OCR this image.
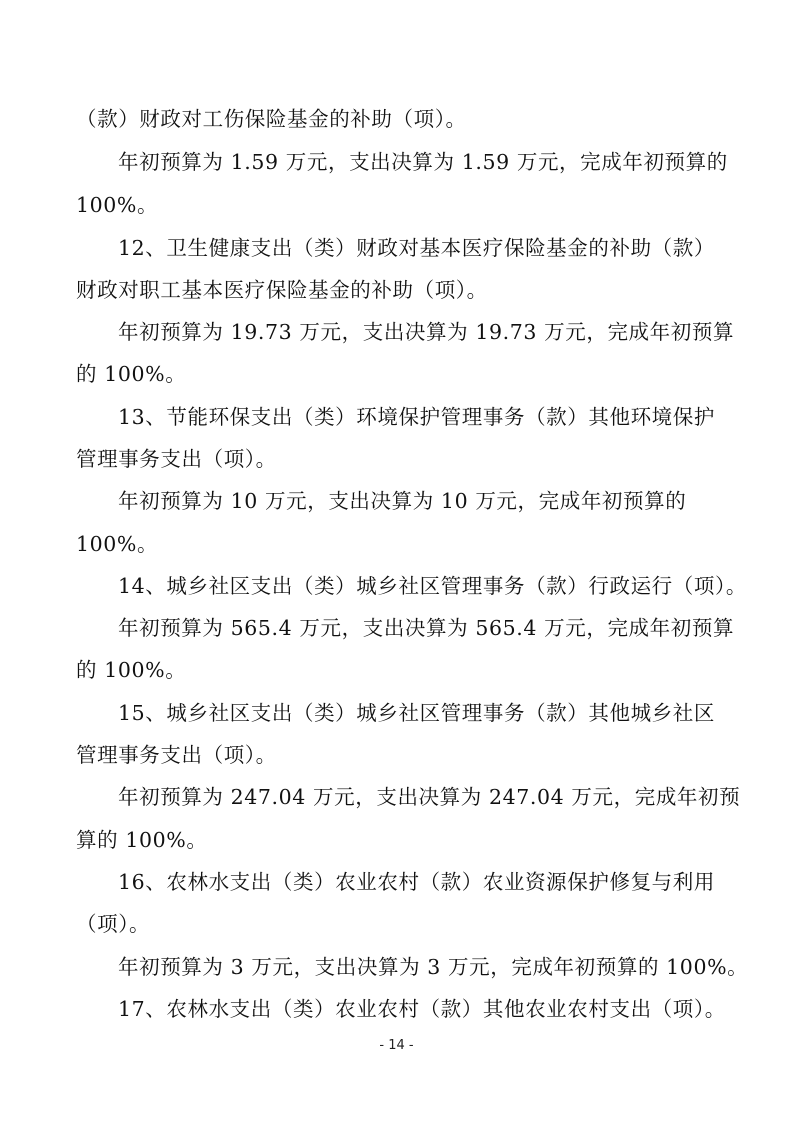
（款）财政对工伤保险基金的补助（项）。
年初预算为 1.59 万元，支出决算为 1.59 万元，完成年初预算的
100%。
12、卫生健康支出（类）财政对基本医疗保险基金的补助（款）
财政对职工基本医疗保险基金的补助（项）。
年初预算为 19.73 万元，支出决算为 19.73 万元，完成年初预算
的 100%。
13、节能环保支出（类）环境保护管理事务（款）其他环境保护
管理事务支出（项）。
年初预算为 10 万元，支出决算为 10 万元，完成年初预算的
100%。
14、城乡社区支出（类）城乡社区管理事务（款）行政运行（项）。
年初预算为 565.4 万元，支出决算为 565.4 万元，完成年初预算
的 100%。
15、城乡社区支出（类）城乡社区管理事务（款）其他城乡社区
管理事务支出（项）。
年初预算为 247.04 万元，支出决算为 247.04 万元，完成年初预
算的 100%。
16、农林水支出（类）农业农村（款）农业资源保护修复与利用
（项）。
年初预算为 3 万元，支出决算为 3 万元，完成年初预算的 100%。
17、农林水支出（类）农业农村（款）其他农业农村支出（项）。
- 14 -
